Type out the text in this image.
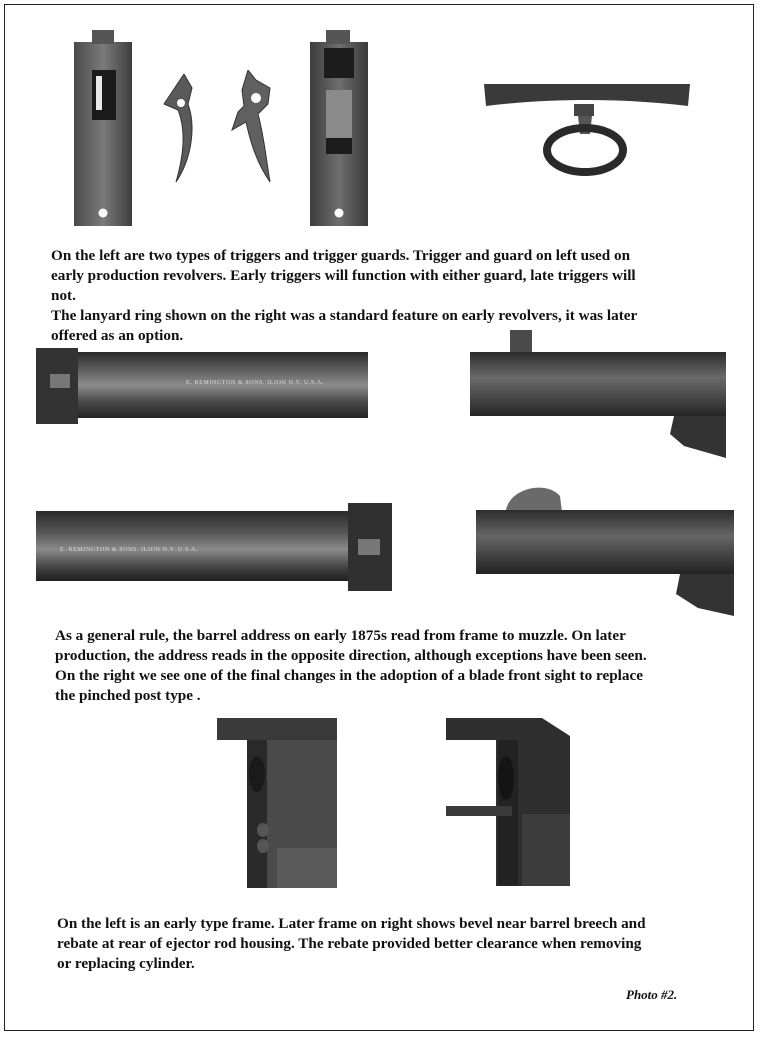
On the left are two types of triggers and trigger guards. Trigger and guard on left used on
early production revolvers. Early triggers will function with either guard, late triggers will
not.
The lanyard ring shown on the right was a standard feature on early revolvers, it was later
offered as an option.
E. REMINGTON & SONS. ILION N.Y. U.S.A.
E. REMINGTON & SONS. ILION N.Y. U.S.A.
As a general rule, the barrel address on early 1875s read from frame to muzzle. On later
production, the address reads in the opposite direction, although exceptions have been seen.
On the right we see one of the final changes in the adoption of a blade front sight to replace
the pinched post type .
On the left is an early type frame. Later frame on right shows bevel near barrel breech and
rebate at rear of ejector rod housing. The rebate provided better clearance when removing
or replacing cylinder.
Photo #2.
